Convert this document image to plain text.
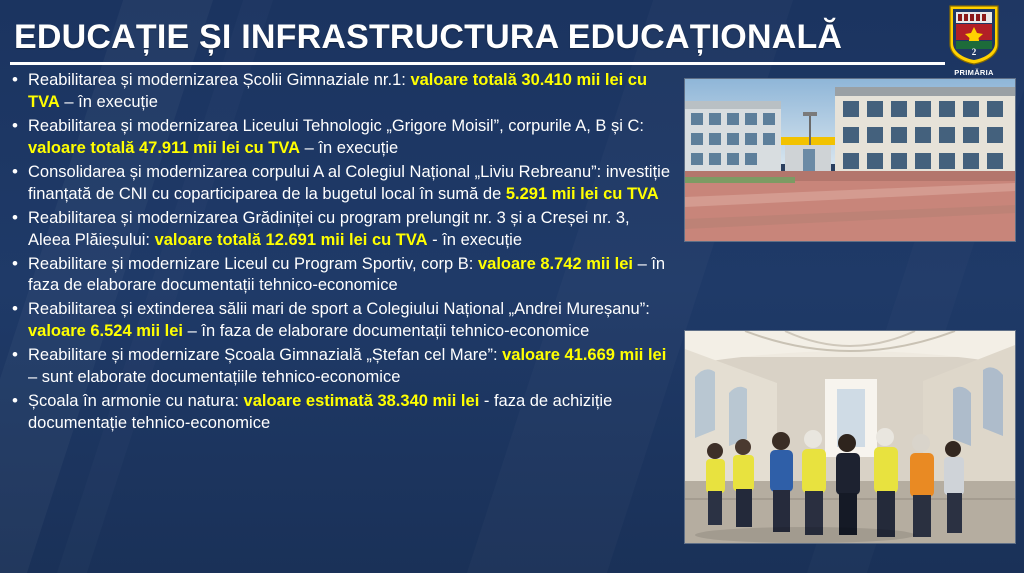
EDUCAȚIE ȘI INFRASTRUCTURA EDUCAȚIONALĂ	2
PRIMĂRIA
• Reabilitarea și modernizarea Școlii Gimnaziale nr.1: valoare totală 30.410 mii lei cu TVA – în execuție
• Reabilitarea și modernizarea Liceului Tehnologic „Grigore Moisil”, corpurile A, B și C: valoare totală 47.911 mii lei cu TVA – în execuție
• Consolidarea și modernizarea corpului A al Colegiul Național „Liviu Rebreanu”: investiție finanțată de CNI cu coparticiparea de la bugetul local în sumă de 5.291 mii lei cu TVA
• Reabilitarea și modernizarea Grădiniței cu program prelungit nr. 3 și a Creșei nr. 3, Aleea Plăieșului: valoare totală 12.691 mii lei cu TVA - în execuție
• Reabilitare și modernizare Liceul cu Program Sportiv, corp B: valoare 8.742 mii lei – în faza de elaborare documentații tehnico-economice
• Reabilitarea și extinderea sălii mari de sport a Colegiului Național „Andrei Mureșanu”: valoare 6.524 mii lei – în faza de elaborare documentații tehnico-economice
• Reabilitare și modernizare Școala Gimnazială „Ștefan cel Mare”: valoare 41.669 mii lei – sunt elaborate documentațiile tehnico-economice
• Școala în armonie cu natura: valoare estimată 38.340 mii lei - faza de achiziție documentație tehnico-economice
